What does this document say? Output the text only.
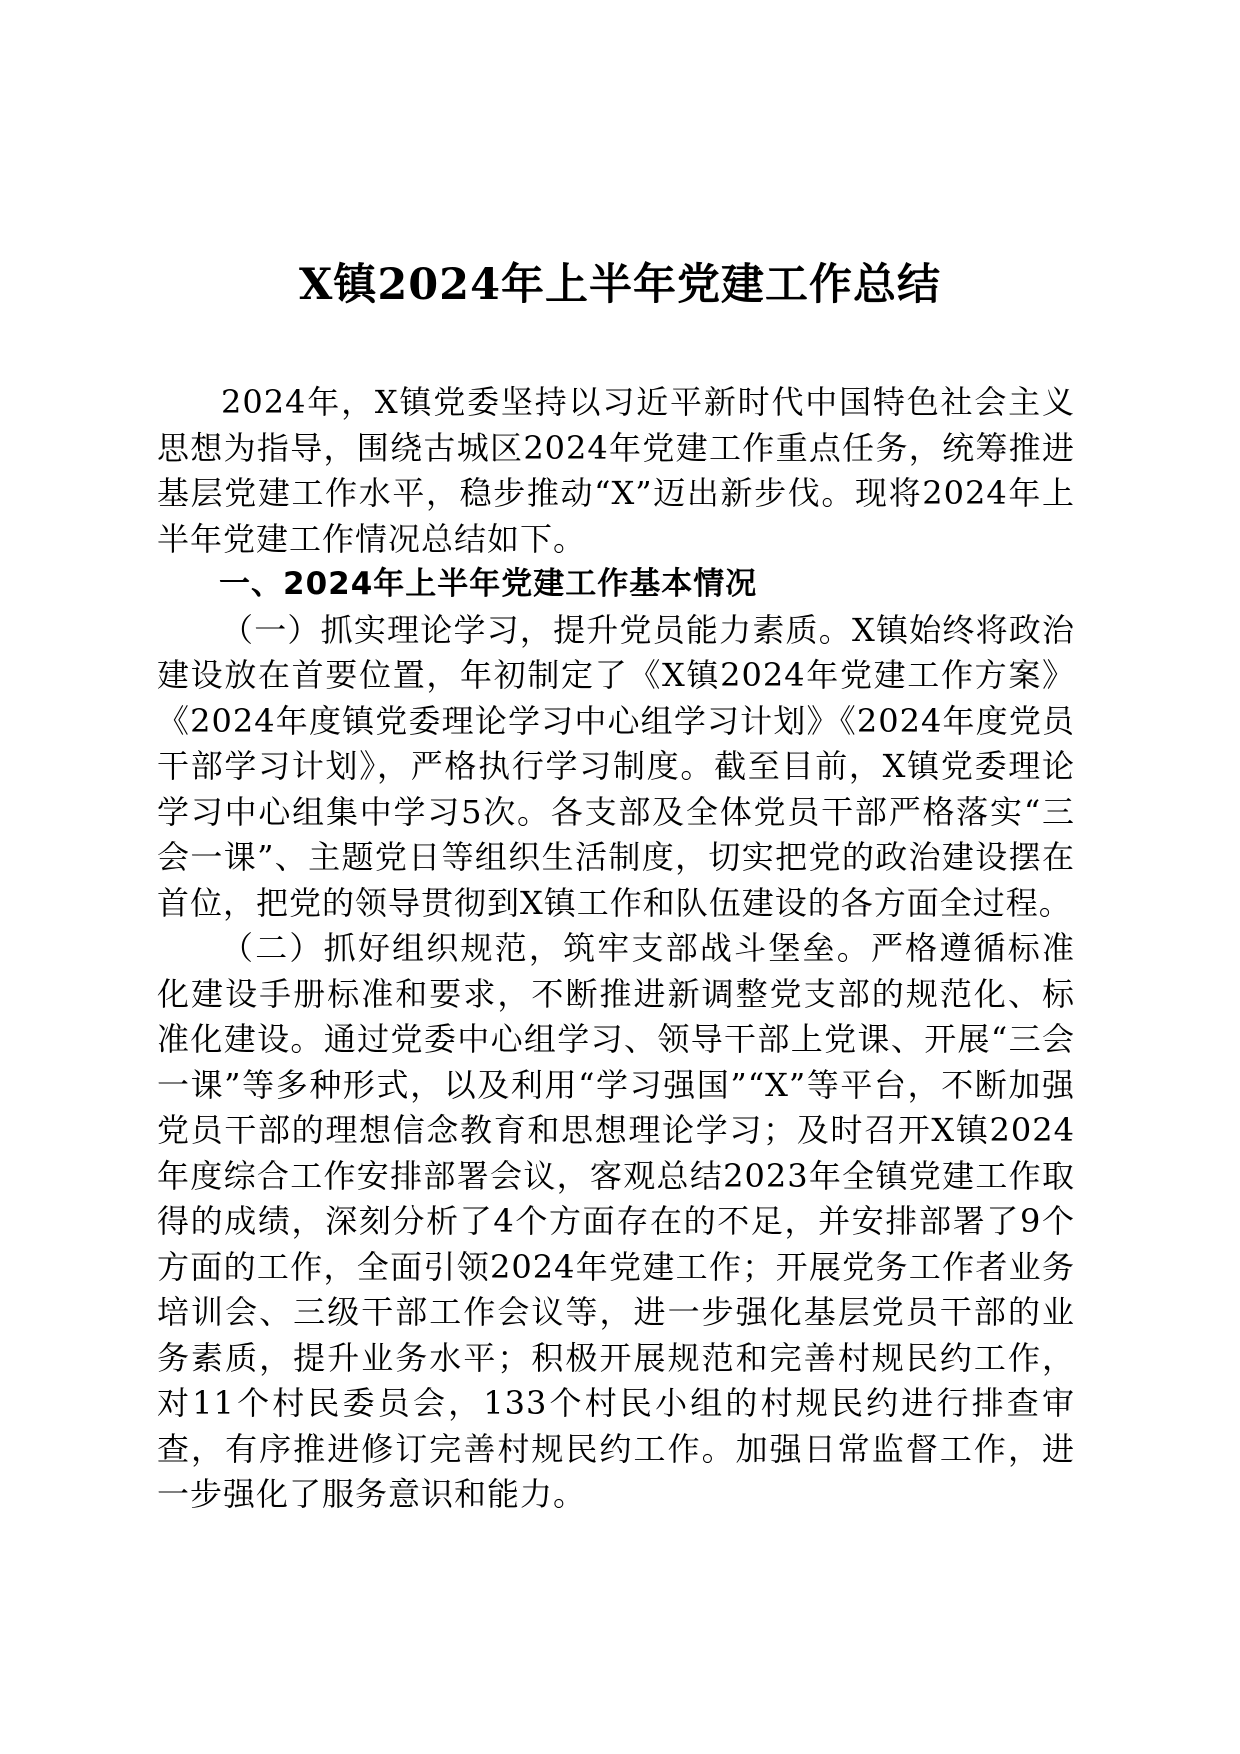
X镇2024年上半年党建工作总结

2024年，X镇党委坚持以习近平新时代中国特色社会主义思想为指导，围绕古城区2024年党建工作重点任务，统筹推进基层党建工作水平，稳步推动“X”迈出新步伐。现将2024年上半年党建工作情况总结如下。

一、2024年上半年党建工作基本情况

（一）抓实理论学习，提升党员能力素质。X镇始终将政治建设放在首要位置，年初制定了《X镇2024年党建工作方案》《2024年度镇党委理论学习中心组学习计划》《2024年度党员干部学习计划》，严格执行学习制度。截至目前，X镇党委理论学习中心组集中学习5次。各支部及全体党员干部严格落实“三会一课”、主题党日等组织生活制度，切实把党的政治建设摆在首位，把党的领导贯彻到X镇工作和队伍建设的各方面全过程。

（二）抓好组织规范，筑牢支部战斗堡垒。严格遵循标准化建设手册标准和要求，不断推进新调整党支部的规范化、标准化建设。通过党委中心组学习、领导干部上党课、开展“三会一课”等多种形式，以及利用“学习强国”“X”等平台，不断加强党员干部的理想信念教育和思想理论学习；及时召开X镇2024年度综合工作安排部署会议，客观总结2023年全镇党建工作取得的成绩，深刻分析了4个方面存在的不足，并安排部署了9个方面的工作，全面引领2024年党建工作；开展党务工作者业务培训会、三级干部工作会议等，进一步强化基层党员干部的业务素质，提升业务水平；积极开展规范和完善村规民约工作，对11个村民委员会，133个村民小组的村规民约进行排查审查，有序推进修订完善村规民约工作。加强日常监督工作，进一步强化了服务意识和能力。
